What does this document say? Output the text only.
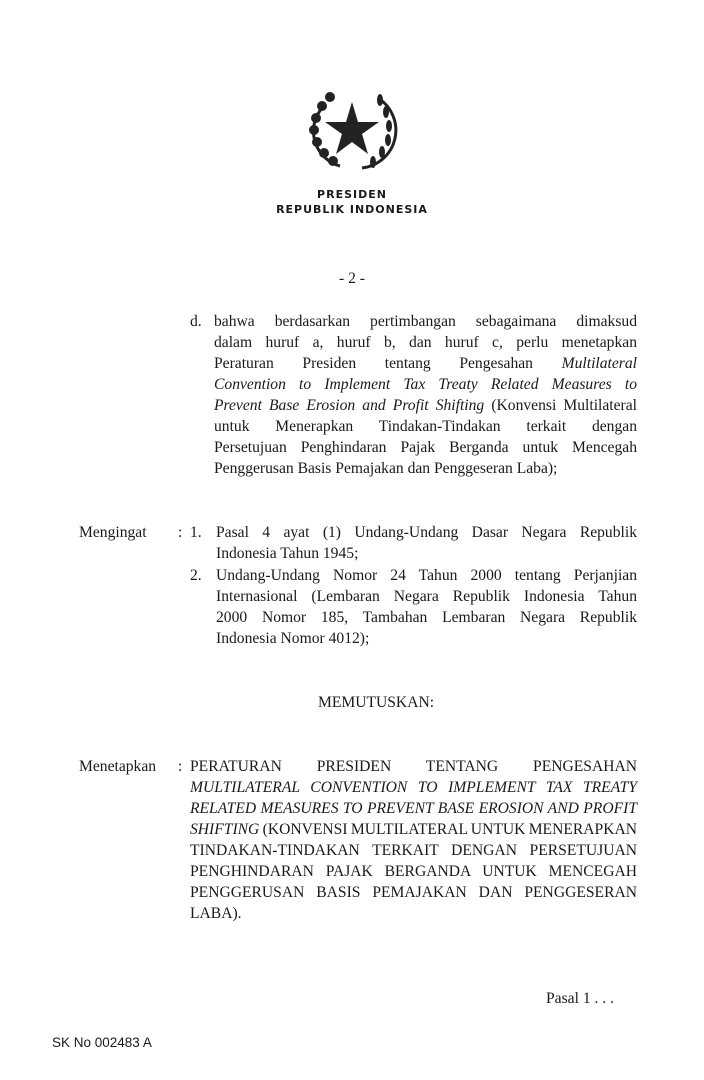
PRESIDEN
REPUBLIK INDONESIA
- 2 -
d. bahwa berdasarkan pertimbangan sebagaimana dimaksud
dalam huruf a, huruf b, dan huruf c, perlu menetapkan
Peraturan Presiden tentang Pengesahan Multilateral
Convention to Implement Tax Treaty Related Measures to
Prevent Base Erosion and Profit Shifting (Konvensi Multilateral
untuk Menerapkan Tindakan-Tindakan terkait dengan
Persetujuan Penghindaran Pajak Berganda untuk Mencegah
Penggerusan Basis Pemajakan dan Penggeseran Laba);
Mengingat : 1. Pasal 4 ayat (1) Undang-Undang Dasar Negara Republik
Indonesia Tahun 1945;
2. Undang-Undang Nomor 24 Tahun 2000 tentang Perjanjian
Internasional (Lembaran Negara Republik Indonesia Tahun
2000 Nomor 185, Tambahan Lembaran Negara Republik
Indonesia Nomor 4012);
MEMUTUSKAN:
Menetapkan : PERATURAN PRESIDEN TENTANG PENGESAHAN
MULTILATERAL CONVENTION TO IMPLEMENT TAX TREATY
RELATED MEASURES TO PREVENT BASE EROSION AND PROFIT
SHIFTING (KONVENSI MULTILATERAL UNTUK MENERAPKAN
TINDAKAN-TINDAKAN TERKAIT DENGAN PERSETUJUAN
PENGHINDARAN PAJAK BERGANDA UNTUK MENCEGAH
PENGGERUSAN BASIS PEMAJAKAN DAN PENGGESERAN
LABA).
Pasal 1 . . .
SK No 002483 A
